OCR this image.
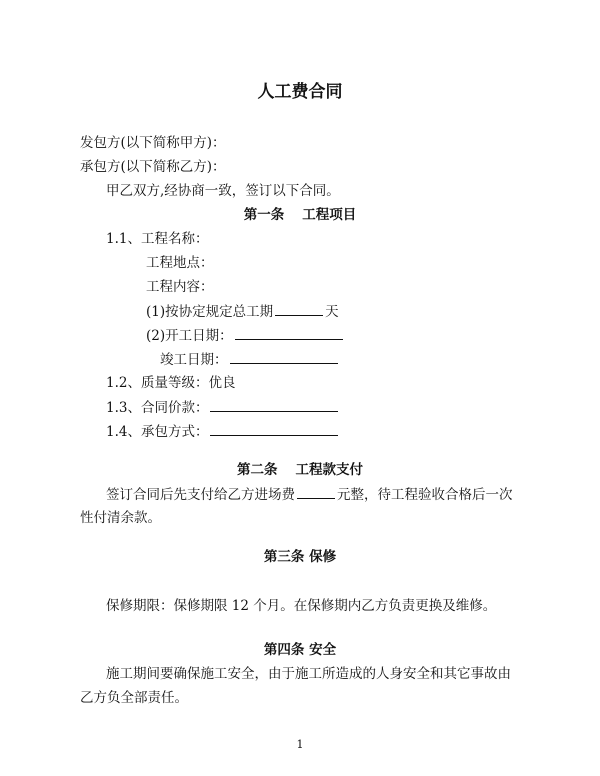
人工费合同
发包方(以下简称甲方)：
承包方(以下简称乙方)：
甲乙双方,经协商一致，签订以下合同。
第一条 工程项目
1.1、工程名称：
工程地点：
工程内容：
(1)按协定规定总工期	天
(2)开工日期：
竣工日期：
1.2、质量等级：优良
1.3、合同价款：
1.4、承包方式：
第二条 工程款支付
签订合同后先支付给乙方进场费	元整，待工程验收合格后一次
性付清余款。
第三条 保修
保修期限：保修期限 12 个月。在保修期内乙方负责更换及维修。
第四条 安全
施工期间要确保施工安全，由于施工所造成的人身安全和其它事故由
乙方负全部责任。
1
